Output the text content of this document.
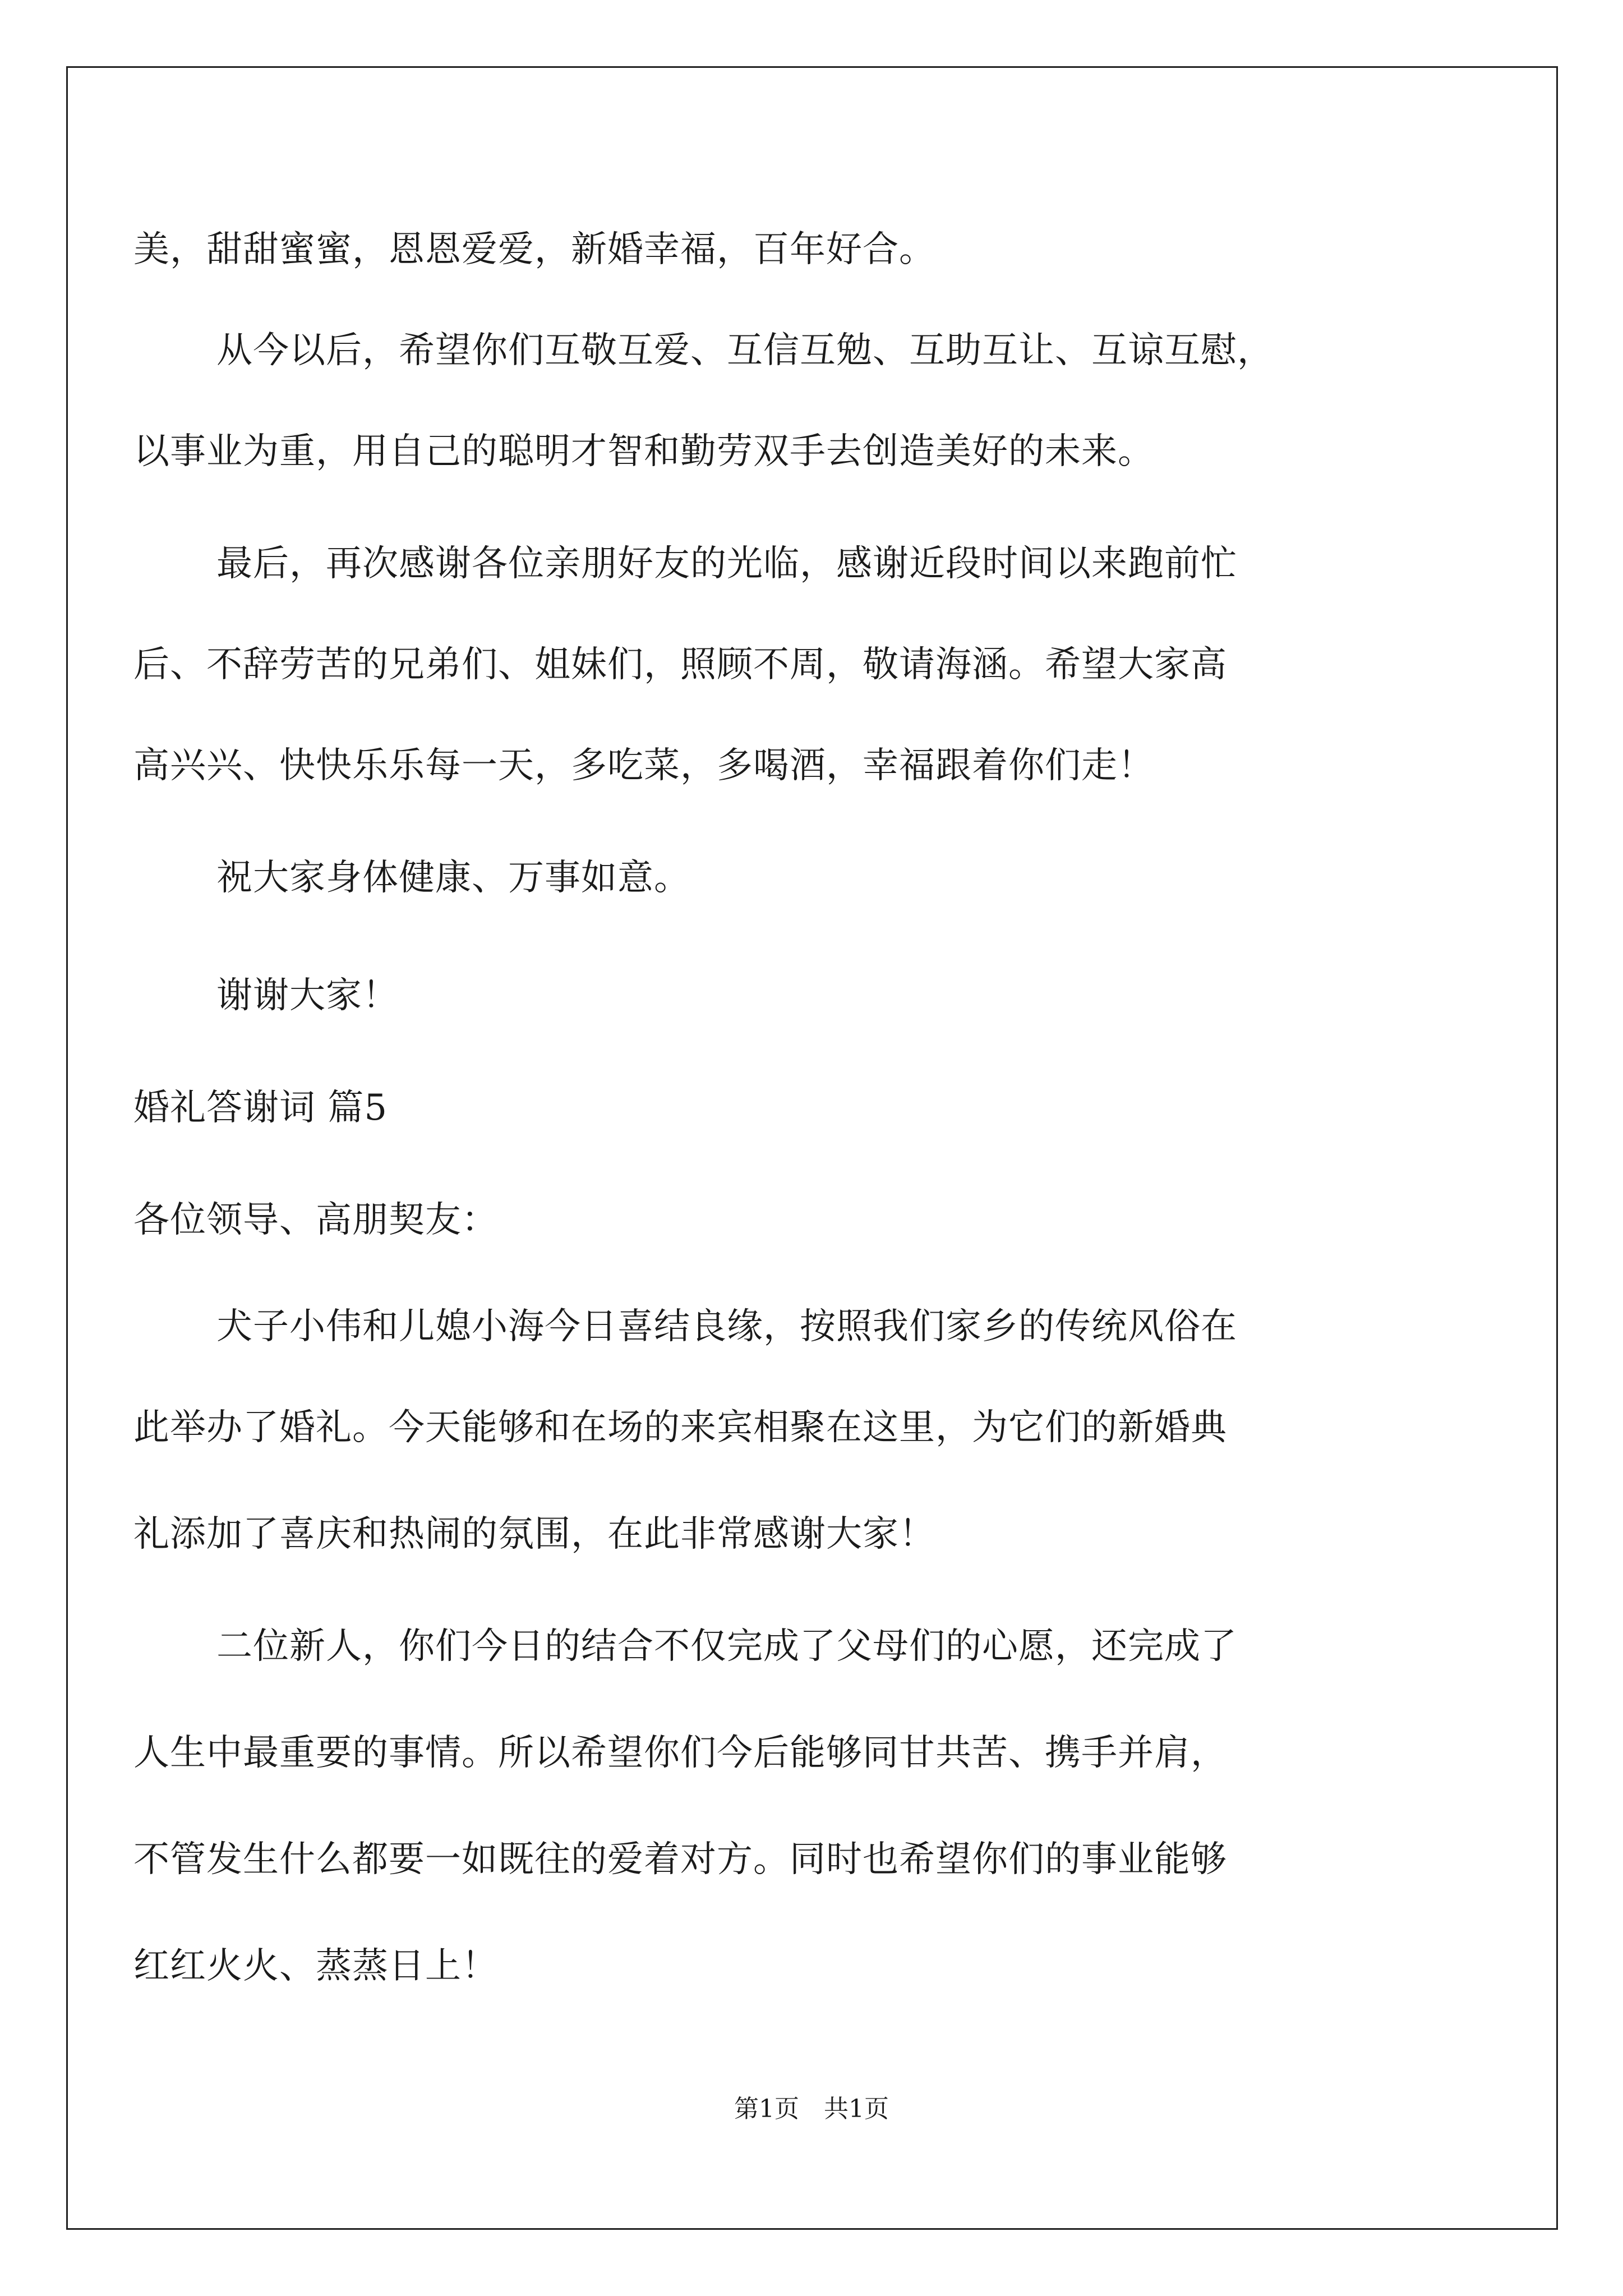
美，甜甜蜜蜜，恩恩爱爱，新婚幸福，百年好合。
从今以后，希望你们互敬互爱、互信互勉、互助互让、互谅互慰，
以事业为重，用自己的聪明才智和勤劳双手去创造美好的未来。
最后，再次感谢各位亲朋好友的光临，感谢近段时间以来跑前忙
后、不辞劳苦的兄弟们、姐妹们，照顾不周，敬请海涵。希望大家高
高兴兴、快快乐乐每一天，多吃菜，多喝酒，幸福跟着你们走！
祝大家身体健康、万事如意。
谢谢大家！
婚礼答谢词 篇5
各位领导、高朋契友：
犬子小伟和儿媳小海今日喜结良缘，按照我们家乡的传统风俗在
此举办了婚礼。今天能够和在场的来宾相聚在这里，为它们的新婚典
礼添加了喜庆和热闹的氛围，在此非常感谢大家！
二位新人，你们今日的结合不仅完成了父母们的心愿，还完成了
人生中最重要的事情。所以希望你们今后能够同甘共苦、携手并肩，
不管发生什么都要一如既往的爱着对方。同时也希望你们的事业能够
红红火火、蒸蒸日上！
第1页　共1页
